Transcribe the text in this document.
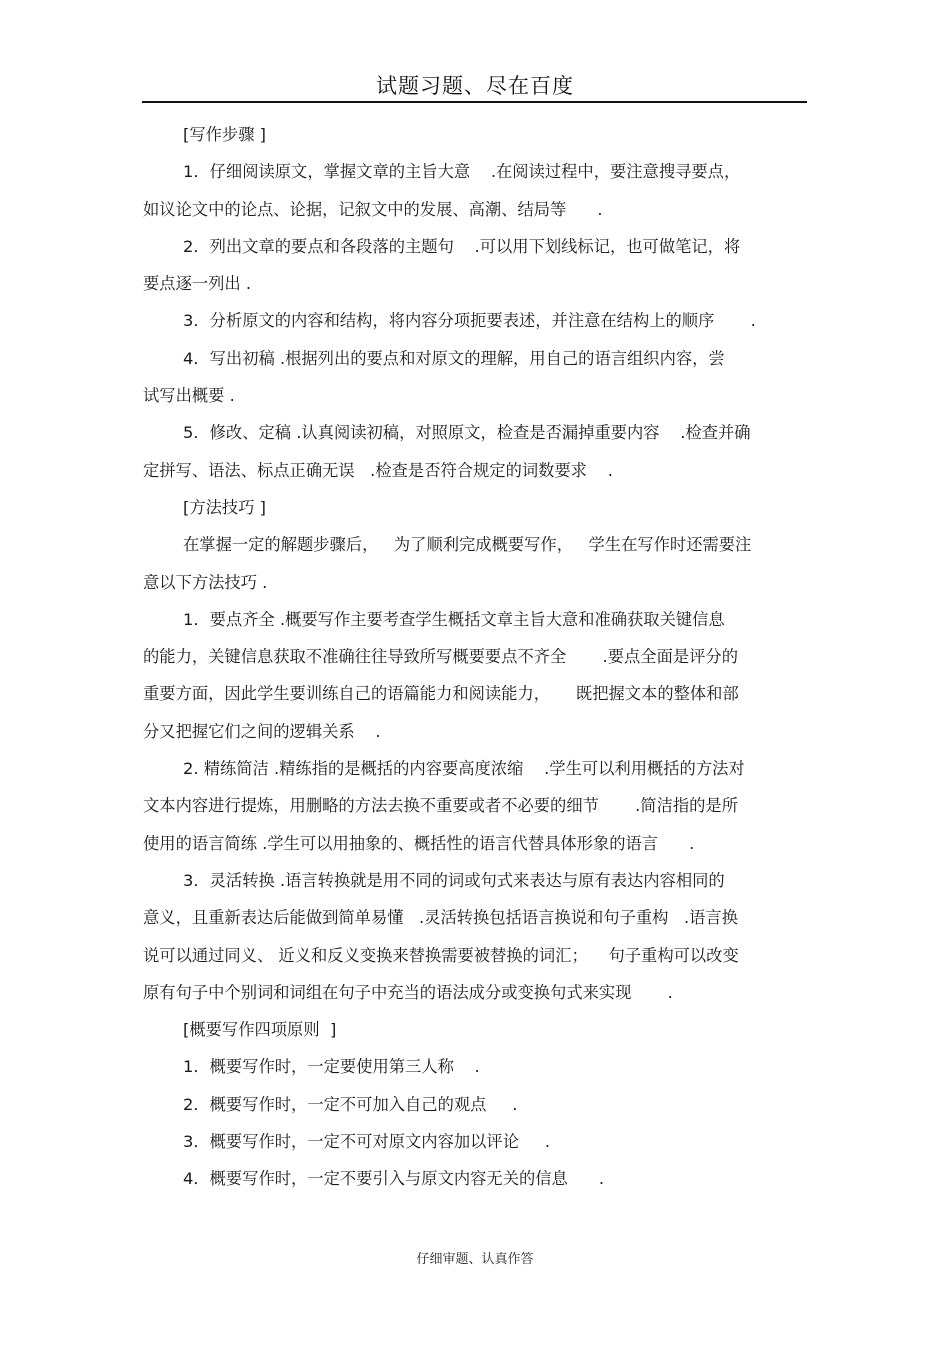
试题习题、尽在百度
[写作步骤 ]
1．仔细阅读原文，掌握文章的主旨大意    .在阅读过程中，要注意搜寻要点，
如议论文中的论点、论据，记叙文中的发展、高潮、结局等      .
2．列出文章的要点和各段落的主题句    .可以用下划线标记，也可做笔记，将
要点逐一列出 .
3．分析原文的内容和结构，将内容分项扼要表述，并注意在结构上的顺序       .
4．写出初稿 .根据列出的要点和对原文的理解，用自己的语言组织内容，尝
试写出概要 .
5．修改、定稿 .认真阅读初稿，对照原文，检查是否漏掉重要内容    .检查并确
定拼写、语法、标点正确无误   .检查是否符合规定的词数要求    .
[方法技巧 ]
在掌握一定的解题步骤后，   为了顺利完成概要写作，   学生在写作时还需要注
意以下方法技巧 .
1．要点齐全 .概要写作主要考查学生概括文章主旨大意和准确获取关键信息
的能力，关键信息获取不准确往往导致所写概要要点不齐全       .要点全面是评分的
重要方面，因此学生要训练自己的语篇能力和阅读能力，     既把握文本的整体和部
分又把握它们之间的逻辑关系    .
2. 精练简洁 .精练指的是概括的内容要高度浓缩    .学生可以利用概括的方法对
文本内容进行提炼，用删略的方法去换不重要或者不必要的细节       .简洁指的是所
使用的语言简练 .学生可以用抽象的、概括性的语言代替具体形象的语言      .
3．灵活转换 .语言转换就是用不同的词或句式来表达与原有表达内容相同的
意义，且重新表达后能做到简单易懂   .灵活转换包括语言换说和句子重构   .语言换
说可以通过同义、 近义和反义变换来替换需要被替换的词汇；    句子重构可以改变
原有句子中个别词和词组在句子中充当的语法成分或变换句式来实现       .
[概要写作四项原则  ]
1．概要写作时，一定要使用第三人称    .
2．概要写作时，一定不可加入自己的观点     .
3．概要写作时，一定不可对原文内容加以评论     .
4．概要写作时，一定不要引入与原文内容无关的信息      .
仔细审题、认真作答
